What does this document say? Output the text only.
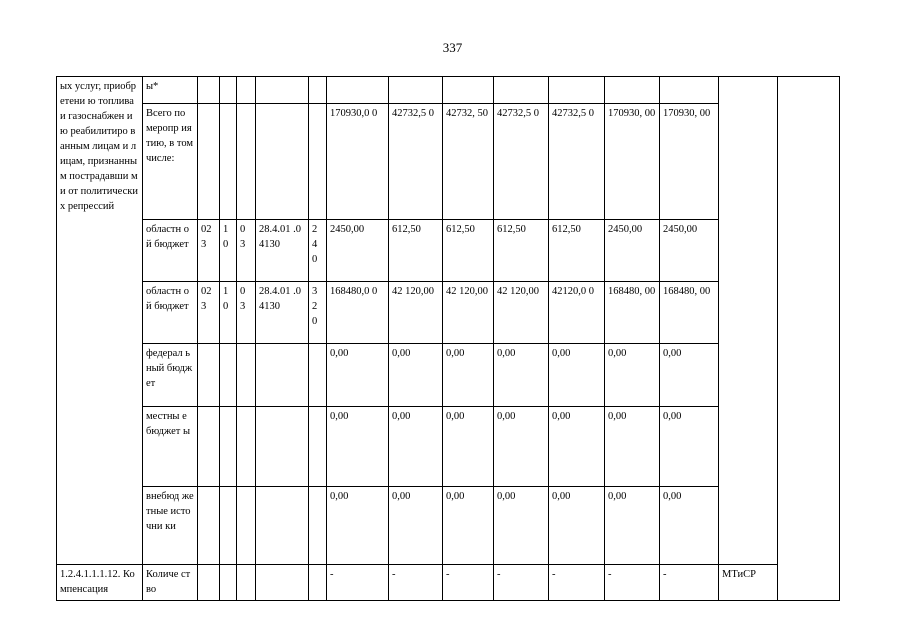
337
ых услуг, приобретени ю топлива и газоснабжен ию реабилитиро ванным лицам и лицам, признанным пострадавши ми от политически х репрессий	ы*														
	Всего по меропр иятию, в том числе:						170930,0 0	42732,5 0	42732, 50	42732,5 0	42732,5 0	170930, 00	170930, 00		
	областн ой бюджет	02 3	1 0	0 3	28.4.01 .04130	2 4 0	2450,00	612,50	612,50	612,50	612,50	2450,00	2450,00		
	областн ой бюджет	02 3	1 0	0 3	28.4.01 .04130	3 2 0	168480,0 0	42 120,00	42 120,00	42 120,00	42120,0 0	168480, 00	168480, 00		
	федерал ьный бюджет						0,00	0,00	0,00	0,00	0,00	0,00	0,00		
	местны е бюджет ы						0,00	0,00	0,00	0,00	0,00	0,00	0,00		
	внебюд жетные источни ки						0,00	0,00	0,00	0,00	0,00	0,00	0,00		
1.2.4.1.1.1.12. Компенсация	Количе ство						-	-	-	-	-	-	-	МТиСР	
